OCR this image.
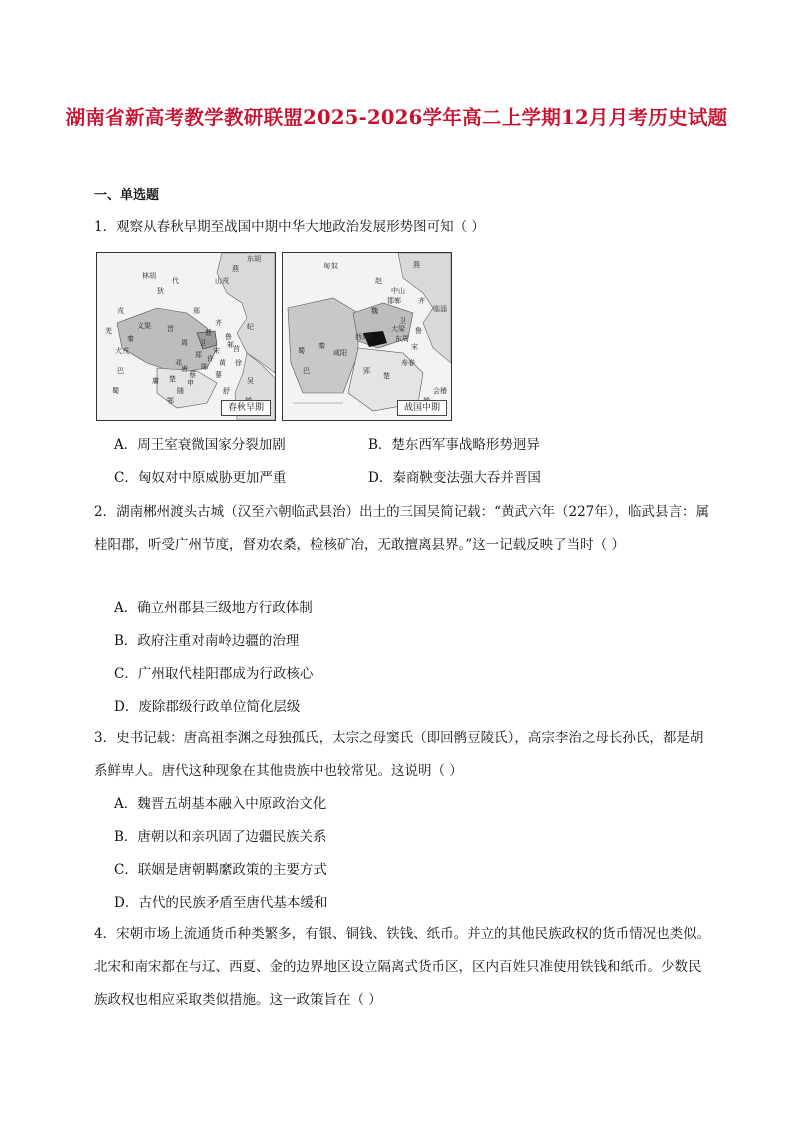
湖南省新高考教学教研联盟2025-2026学年高二上学期12月月考历史试题
一、单选题
1．观察从春秋早期至战国中期中华大地政治发展形势图可知（ ）
燕
晋
齐
秦
楚
鲁
卫
宋
郑
陈
蔡
吴
周
狄
戎
曹
许
随
莒
巴
申
邢
纪
黄 徐
邾
鄂
代
林胡
东胡
山戎
犬戎
义渠
羌
蜀
邓
唐
庸
蓼
舒
春秋早期
燕
赵
齐
魏
韩
秦
楚
匈 奴
中山
东周
西周
卫
鲁
宋
咸阳
郢
大梁
邯郸
临淄
寿春
会稽
巴
蜀
战国中期
A．周王室衰微国家分裂加剧	B．楚东西军事战略形势迥异
C．匈奴对中原威胁更加严重	D．秦商鞅变法强大吞并晋国
2．湖南郴州渡头古城（汉至六朝临武县治）出土的三国吴简记载：“黄武六年（227年），临武县言：属桂阳郡，听受广州节度，督劝农桑，检核矿冶，无敢擅离县界。”这一记载反映了当时（ ）
A．确立州郡县三级地方行政体制
B．政府注重对南岭边疆的治理
C．广州取代桂阳郡成为行政核心
D．废除郡级行政单位简化层级
3．史书记载：唐高祖李渊之母独孤氏，太宗之母窦氏（即回鹘豆陵氏），高宗李治之母长孙氏，都是胡系鲜卑人。唐代这种现象在其他贵族中也较常见。这说明（ ）
A．魏晋五胡基本融入中原政治文化
B．唐朝以和亲巩固了边疆民族关系
C．联姻是唐朝羁縻政策的主要方式
D．古代的民族矛盾至唐代基本缓和
4．宋朝市场上流通货币种类繁多，有银、铜钱、铁钱、纸币。并立的其他民族政权的货币情况也类似。北宋和南宋都在与辽、西夏、金的边界地区设立隔离式货币区，区内百姓只准使用铁钱和纸币。少数民族政权也相应采取类似措施。这一政策旨在（ ）
